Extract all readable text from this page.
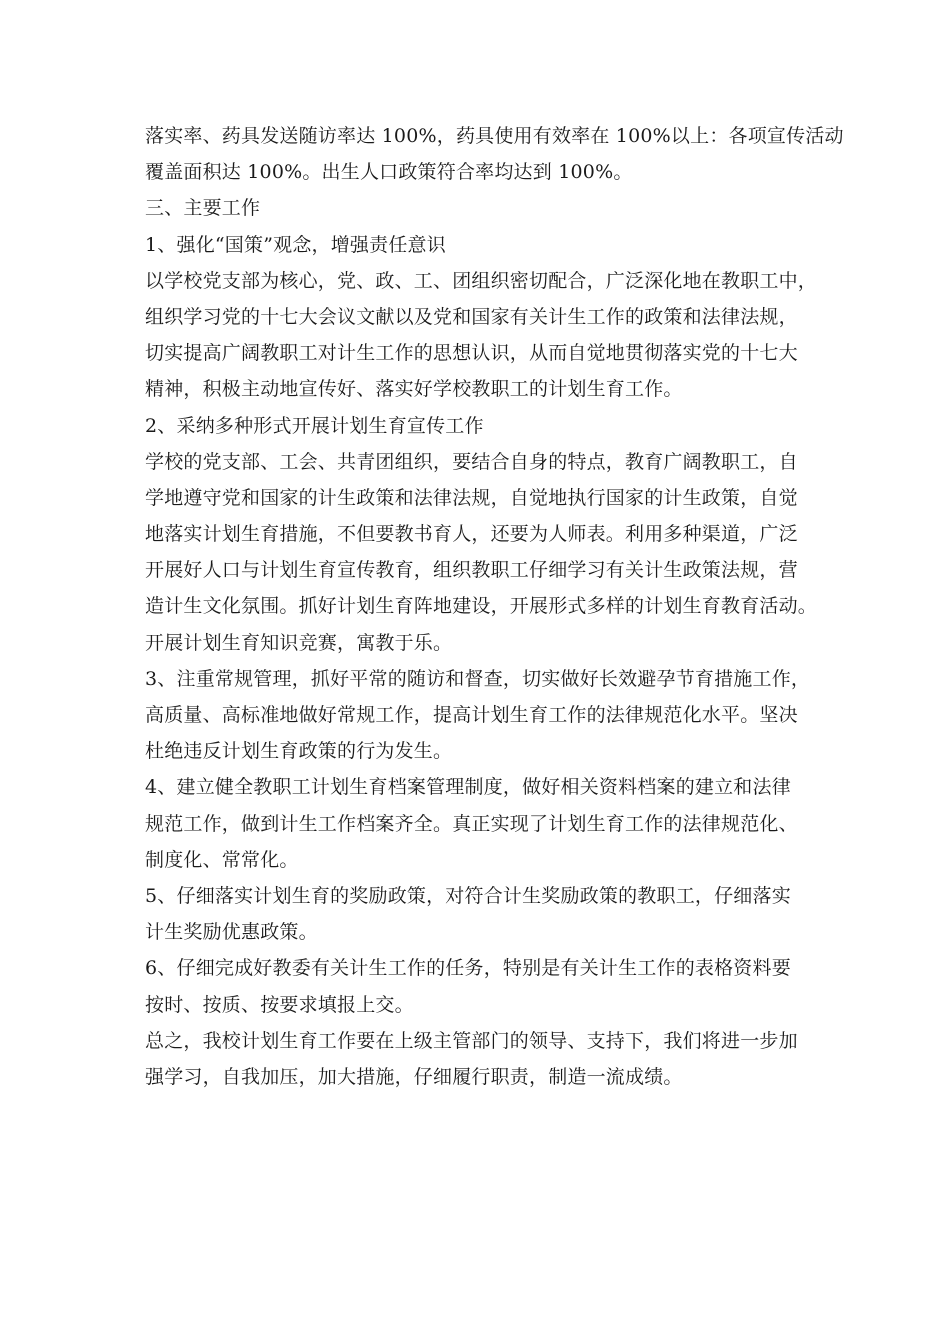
落实率、药具发送随访率达 100%，药具使用有效率在 100%以上：各项宣传活动
覆盖面积达 100%。出生人口政策符合率均达到 100%。
三、主要工作
1、强化“国策”观念，增强责任意识
以学校党支部为核心，党、政、工、团组织密切配合，广泛深化地在教职工中，
组织学习党的十七大会议文献以及党和国家有关计生工作的政策和法律法规，
切实提高广阔教职工对计生工作的思想认识，从而自觉地贯彻落实党的十七大
精神，积极主动地宣传好、落实好学校教职工的计划生育工作。
2、采纳多种形式开展计划生育宣传工作
学校的党支部、工会、共青团组织，要结合自身的特点，教育广阔教职工，自
学地遵守党和国家的计生政策和法律法规，自觉地执行国家的计生政策，自觉
地落实计划生育措施，不但要教书育人，还要为人师表。利用多种渠道，广泛
开展好人口与计划生育宣传教育，组织教职工仔细学习有关计生政策法规，营
造计生文化氛围。抓好计划生育阵地建设，开展形式多样的计划生育教育活动。
开展计划生育知识竞赛，寓教于乐。
3、注重常规管理，抓好平常的随访和督查，切实做好长效避孕节育措施工作，
高质量、高标准地做好常规工作，提高计划生育工作的法律规范化水平。坚决
杜绝违反计划生育政策的行为发生。
4、建立健全教职工计划生育档案管理制度，做好相关资料档案的建立和法律
规范工作，做到计生工作档案齐全。真正实现了计划生育工作的法律规范化、
制度化、常常化。
5、仔细落实计划生育的奖励政策，对符合计生奖励政策的教职工，仔细落实
计生奖励优惠政策。
6、仔细完成好教委有关计生工作的任务，特别是有关计生工作的表格资料要
按时、按质、按要求填报上交。
总之，我校计划生育工作要在上级主管部门的领导、支持下，我们将进一步加
强学习，自我加压，加大措施，仔细履行职责，制造一流成绩。
